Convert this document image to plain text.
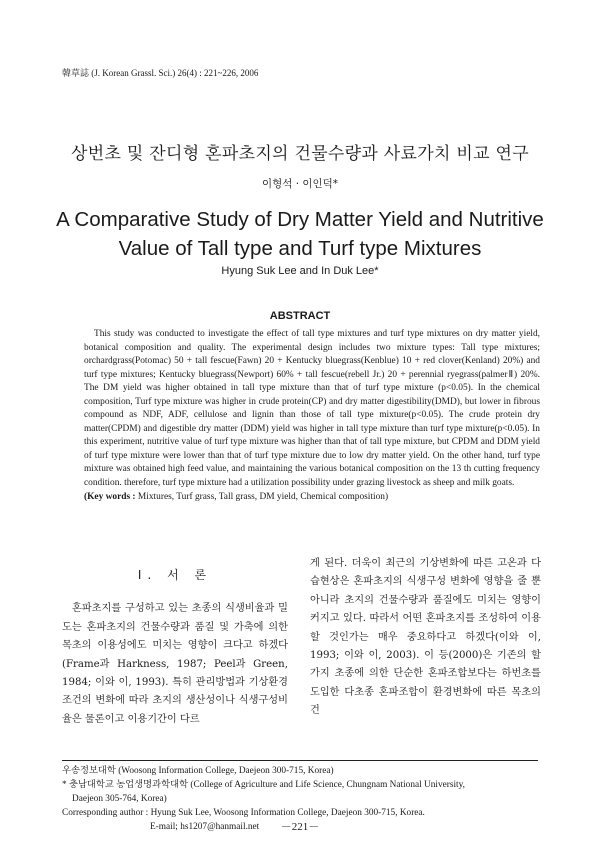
韓草誌 (J. Korean Grassl. Sci.) 26(4) : 221~226, 2006
상번초 및 잔디형 혼파초지의 건물수량과 사료가치 비교 연구
이형석 · 이인덕*
A Comparative Study of Dry Matter Yield and Nutritive Value of Tall type and Turf type Mixtures
Hyung Suk Lee and In Duk Lee*
ABSTRACT

This study was conducted to investigate the effect of tall type mixtures and turf type mixtures on dry matter yield, botanical composition and quality. The experimental design includes two mixture types: Tall type mixtures; orchardgrass(Potomac) 50 + tall fescue(Fawn) 20 + Kentucky bluegrass(Kenblue) 10 + red clover(Kenland) 20%) and turf type mixtures; Kentucky bluegrass(Newport) 60% + tall fescue(rebell Jr.) 20 + perennial ryegrass(palmerⅡ) 20%. The DM yield was higher obtained in tall type mixture than that of turf type mixture (p<0.05). In the chemical composition, Turf type mixture was higher in crude protein(CP) and dry matter digestibility(DMD), but lower in fibrous compound as NDF, ADF, cellulose and lignin than those of tall type mixture(p<0.05). The crude protein dry matter(CPDM) and digestible dry matter (DDM) yield was higher in tall type mixture than turf type mixture(p<0.05). In this experiment, nutritive value of turf type mixture was higher than that of tall type mixture, but CPDM and DDM yield of turf type mixture were lower than that of turf type mixture due to low dry matter yield. On the other hand, turf type mixture was obtained high feed value, and maintaining the various botanical composition on the 13 th cutting frequency condition. therefore, turf type mixture had a utilization possibility under grazing livestock as sheep and milk goats.

(Key words : Mixtures, Turf grass, Tall grass, DM yield, Chemical composition)
Ⅰ. 서 론

혼파초지를 구성하고 있는 초종의 식생비율과 밀도는 혼파초지의 건물수량과 품질 및 가축에 의한 목초의 이용성에도 미치는 영향이 크다고 하겠다(Frame과 Harkness, 1987; Peel과 Green, 1984; 이와 이, 1993). 특히 관리방법과 기상환경 조건의 변화에 따라 초지의 생산성이나 식생구성비율은 물론이고 이용기간이 다르

게 된다. 더욱이 최근의 기상변화에 따른 고온과 다습현상은 혼파초지의 식생구성 변화에 영향을 줄 뿐 아니라 초지의 건물수량과 품질에도 미치는 영향이 커지고 있다. 따라서 어떤 혼파초지를 조성하여 이용할 것인가는 매우 중요하다고 하겠다(이와 이, 1993; 이와 이, 2003). 이 등(2000)은 기존의 할 가지 초종에 의한 단순한 혼파조합보다는 하번초를 도입한 다초종 혼파조합이 환경변화에 따른 목초의 건

우송정보대학 (Woosong Information College, Daejeon 300-715, Korea)
* 충남대학교 농업생명과학대학 (College of Agriculture and Life Science, Chungnam National University,
Daejeon 305-764, Korea)
Corresponding author : Hyung Suk Lee, Woosong Information College, Daejeon 300-715, Korea.
E-mail; hs1207@hanmail.net	－221－
